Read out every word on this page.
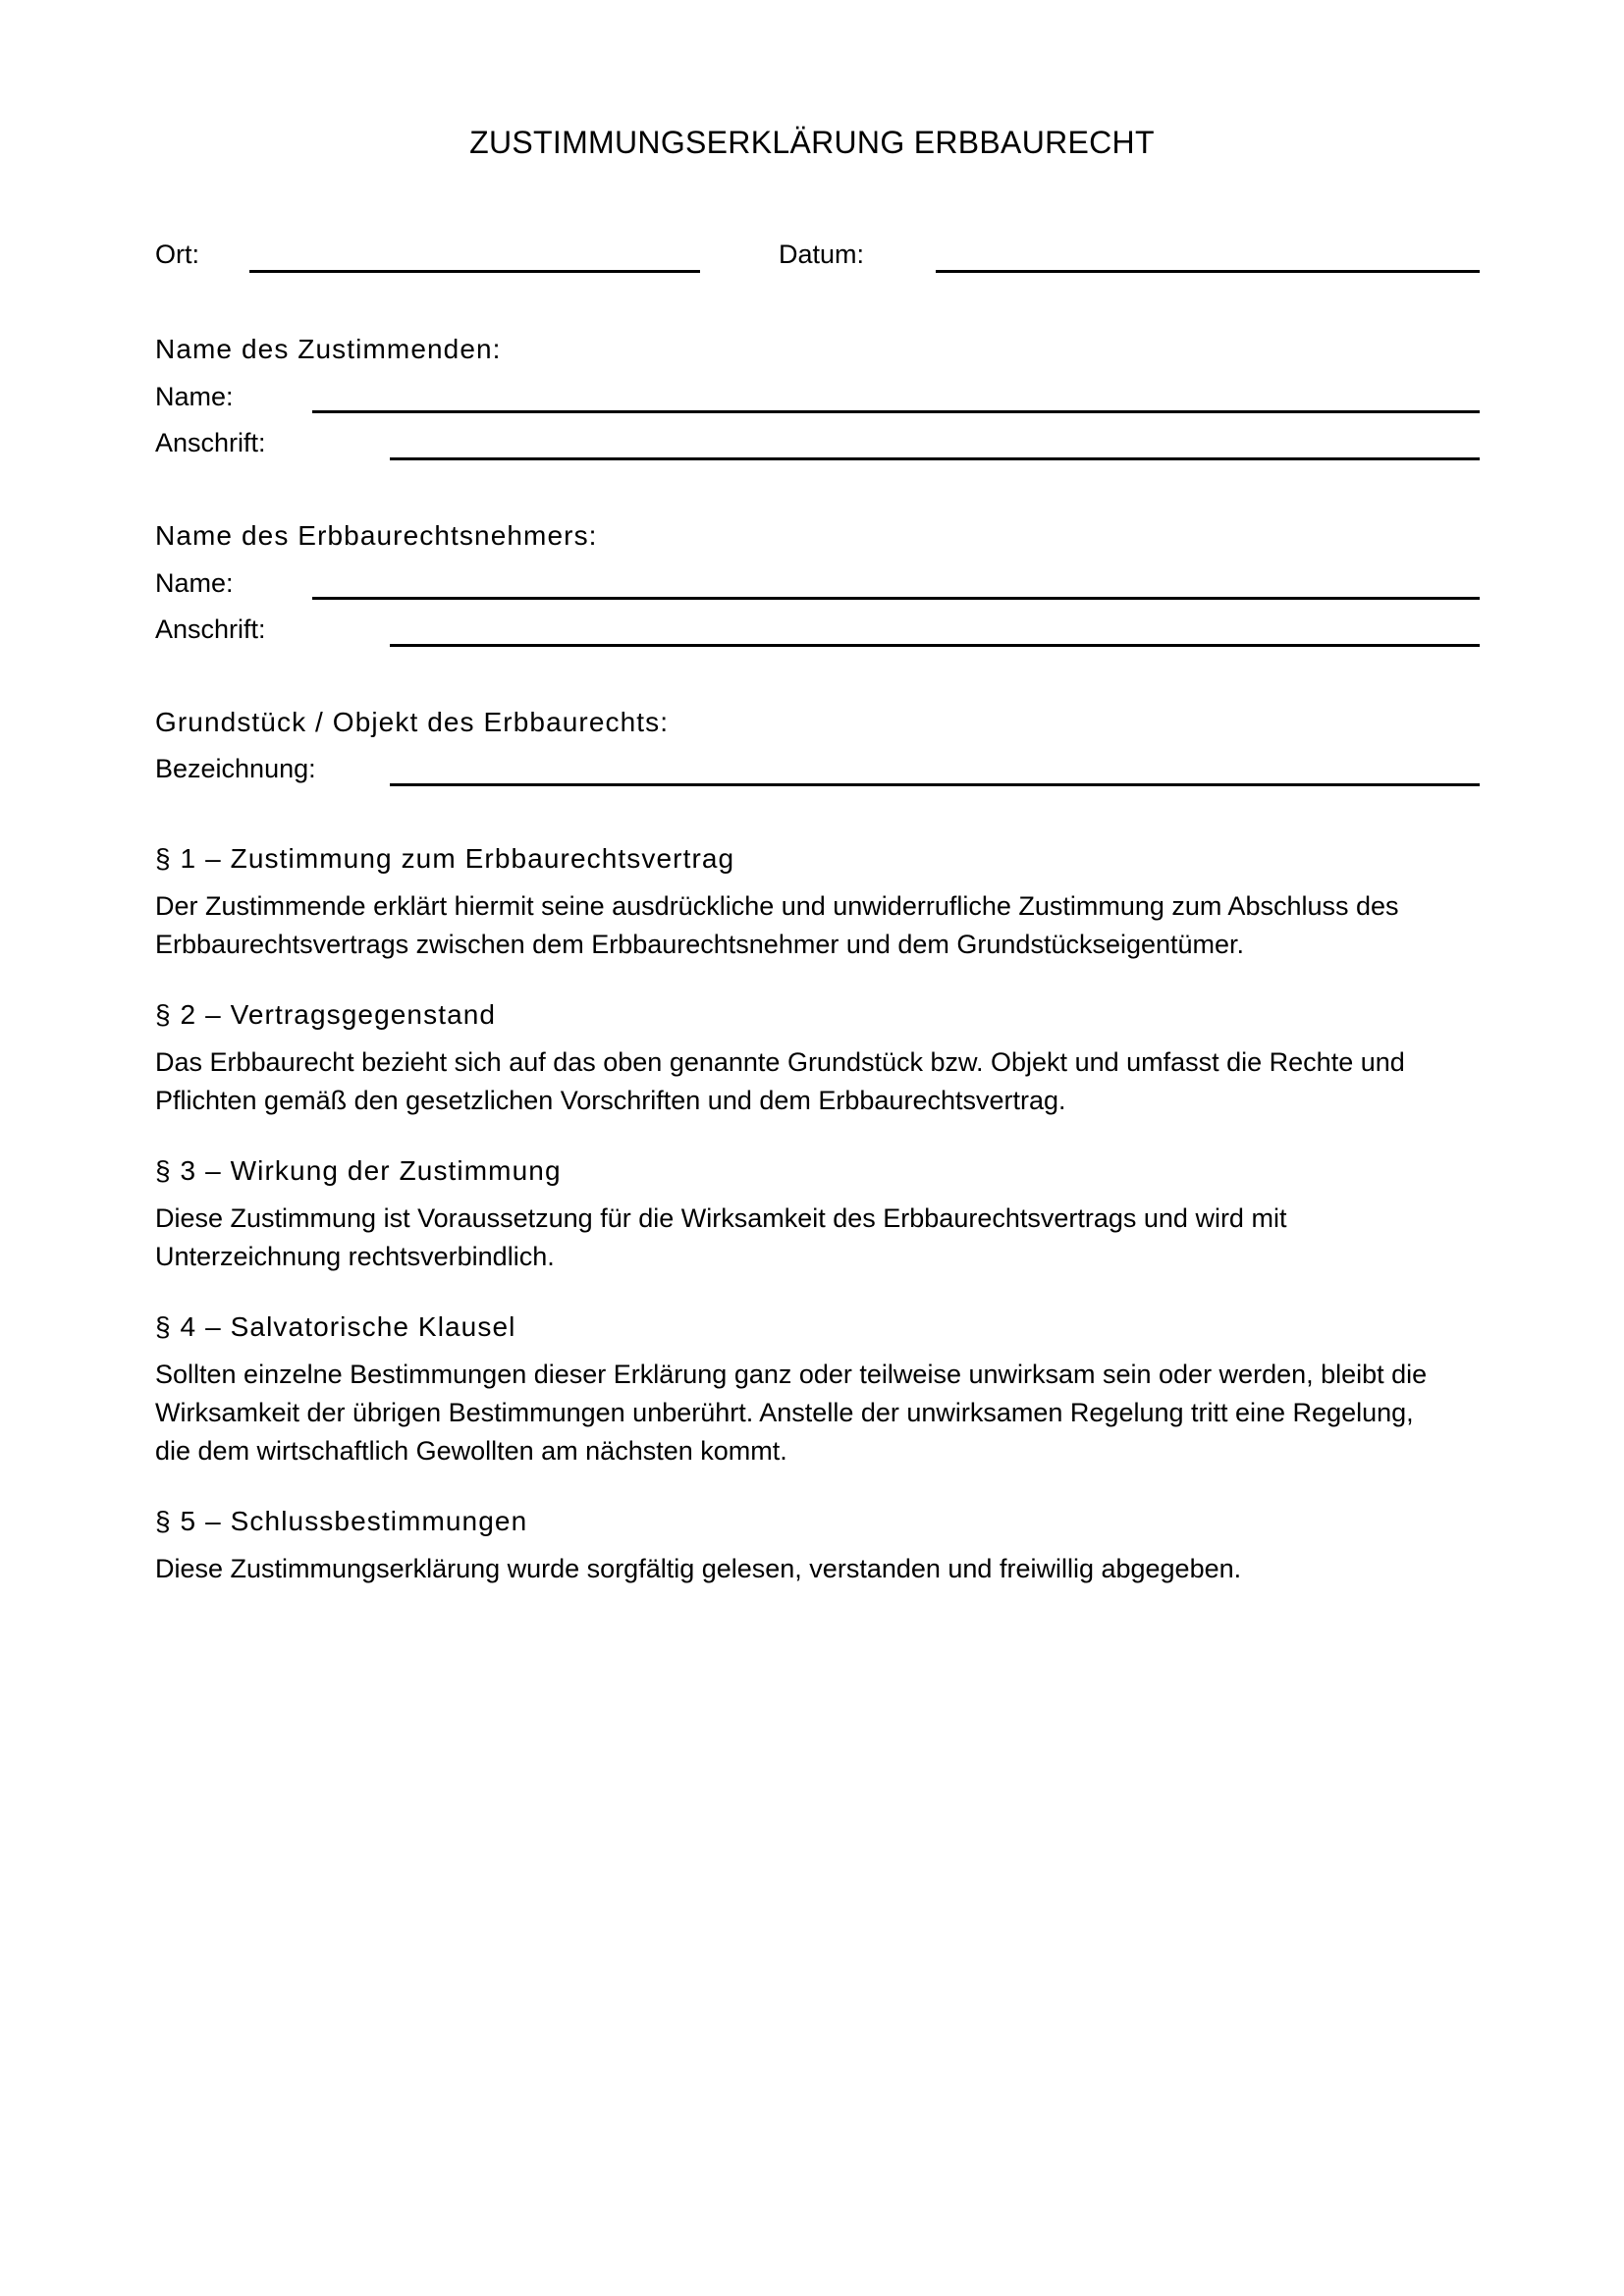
ZUSTIMMUNGSERKLÄRUNG ERBBAURECHT
Ort:	Datum:
Name des Zustimmenden:
Name:
Anschrift:
Name des Erbbaurechtsnehmers:
Name:
Anschrift:
Grundstück / Objekt des Erbbaurechts:
Bezeichnung:
§ 1 – Zustimmung zum Erbbaurechtsvertrag
Der Zustimmende erklärt hiermit seine ausdrückliche und unwiderrufliche Zustimmung zum Abschluss des
Erbbaurechtsvertrags zwischen dem Erbbaurechtsnehmer und dem Grundstückseigentümer.
§ 2 – Vertragsgegenstand
Das Erbbaurecht bezieht sich auf das oben genannte Grundstück bzw. Objekt und umfasst die Rechte und
Pflichten gemäß den gesetzlichen Vorschriften und dem Erbbaurechtsvertrag.
§ 3 – Wirkung der Zustimmung
Diese Zustimmung ist Voraussetzung für die Wirksamkeit des Erbbaurechtsvertrags und wird mit
Unterzeichnung rechtsverbindlich.
§ 4 – Salvatorische Klausel
Sollten einzelne Bestimmungen dieser Erklärung ganz oder teilweise unwirksam sein oder werden, bleibt die
Wirksamkeit der übrigen Bestimmungen unberührt. Anstelle der unwirksamen Regelung tritt eine Regelung,
die dem wirtschaftlich Gewollten am nächsten kommt.
§ 5 – Schlussbestimmungen
Diese Zustimmungserklärung wurde sorgfältig gelesen, verstanden und freiwillig abgegeben.
